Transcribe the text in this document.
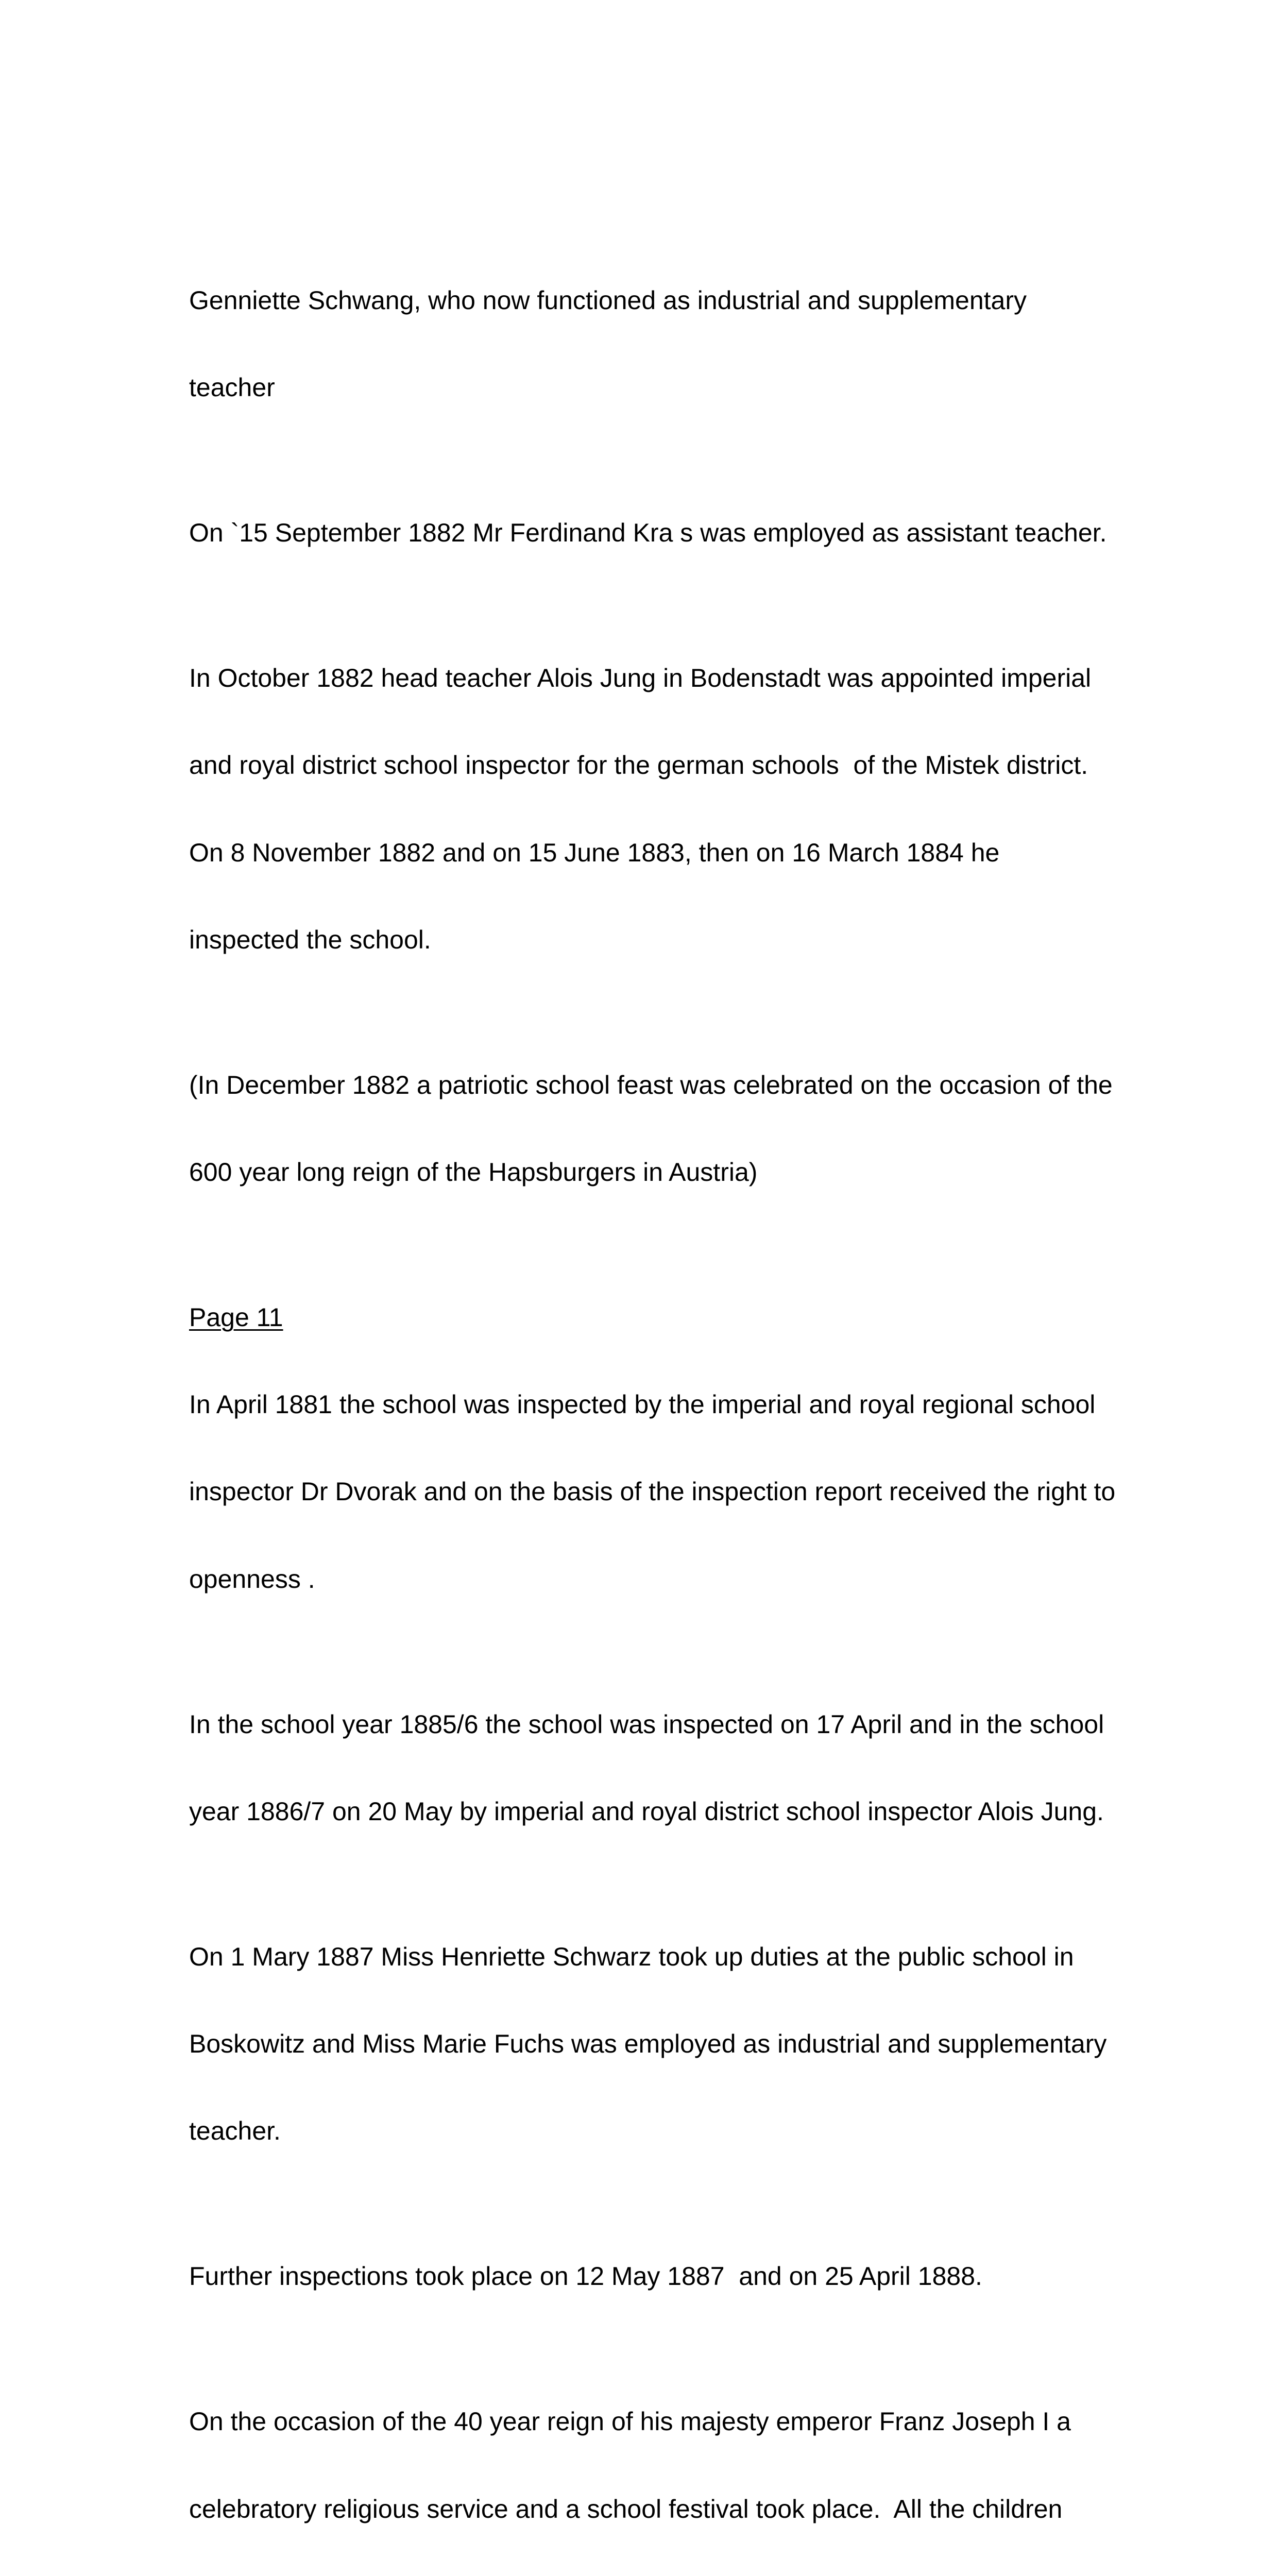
Genniette Schwang, who now functioned as industrial and supplementary

teacher

On `15 September 1882 Mr Ferdinand Krа s was employed as assistant teacher.

In October 1882 head teacher Alois Jung in Bodenstadt was appointed imperial

and royal district school inspector for the german schools  of the Mistek district.

On 8 November 1882 and on 15 June 1883, then on 16 March 1884 he

inspected the school.

(In December 1882 a patriotic school feast was celebrated on the occasion of the

600 year long reign of the Hapsburgers in Austria)

Page 11

In April 1881 the school was inspected by the imperial and royal regional school

inspector Dr Dvorak and on the basis of the inspection report received the right to

openness .

In the school year 1885/6 the school was inspected on 17 April and in the school

year 1886/7 on 20 May by imperial and royal district school inspector Alois Jung.

On 1 Mary 1887 Miss Henriette Schwarz took up duties at the public school in

Boskowitz and Miss Marie Fuchs was employed as industrial and supplementary

teacher.

Further inspections took place on 12 May 1887  and on 25 April 1888.

On the occasion of the 40 year reign of his majesty emperor Franz Joseph I a

celebratory religious service and a school festival took place.  All the children
